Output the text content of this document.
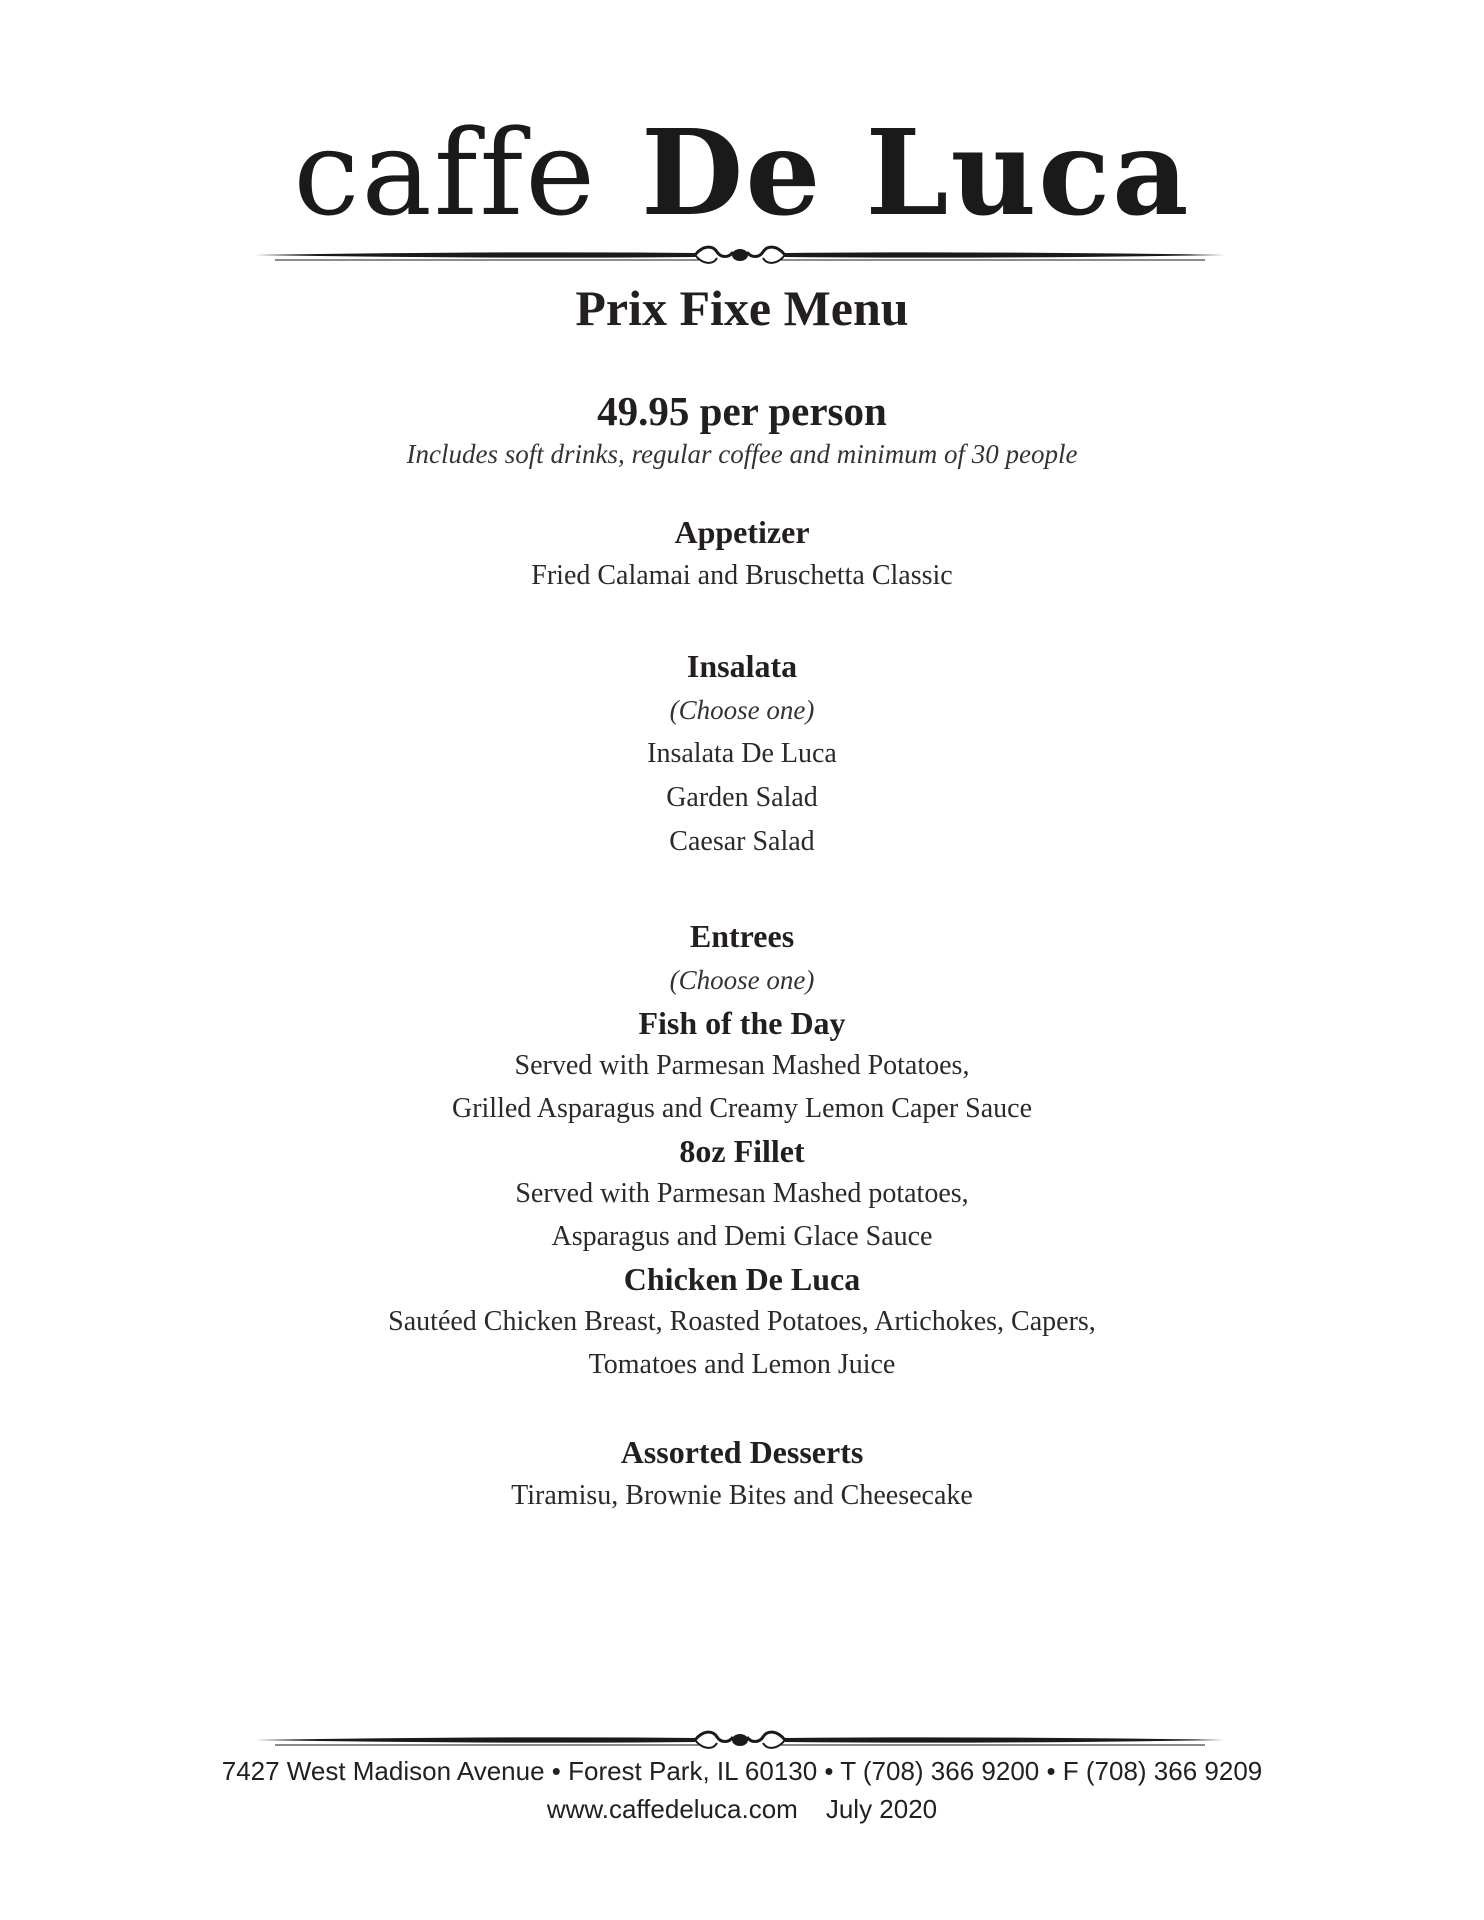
caffe De Luca
Prix Fixe Menu

49.95 per person

Includes soft drinks, regular coffee and minimum of 30 people

Appetizer
Fried Calamai and Bruschetta Classic
Insalata
(Choose one)
Insalata De Luca
Garden Salad
Caesar Salad
Entrees
(Choose one)
Fish of the Day
Served with Parmesan Mashed Potatoes,
Grilled Asparagus and Creamy Lemon Caper Sauce
8oz Fillet
Served with Parmesan Mashed potatoes,
Asparagus and Demi Glace Sauce
Chicken De Luca
Sautéed Chicken Breast, Roasted Potatoes, Artichokes, Capers,
Tomatoes and Lemon Juice
Assorted Desserts
Tiramisu, Brownie Bites and Cheesecake
7427 West Madison Avenue • Forest Park, IL 60130 • T (708) 366 9200 • F (708) 366 9209
www.caffedeluca.com July 2020
